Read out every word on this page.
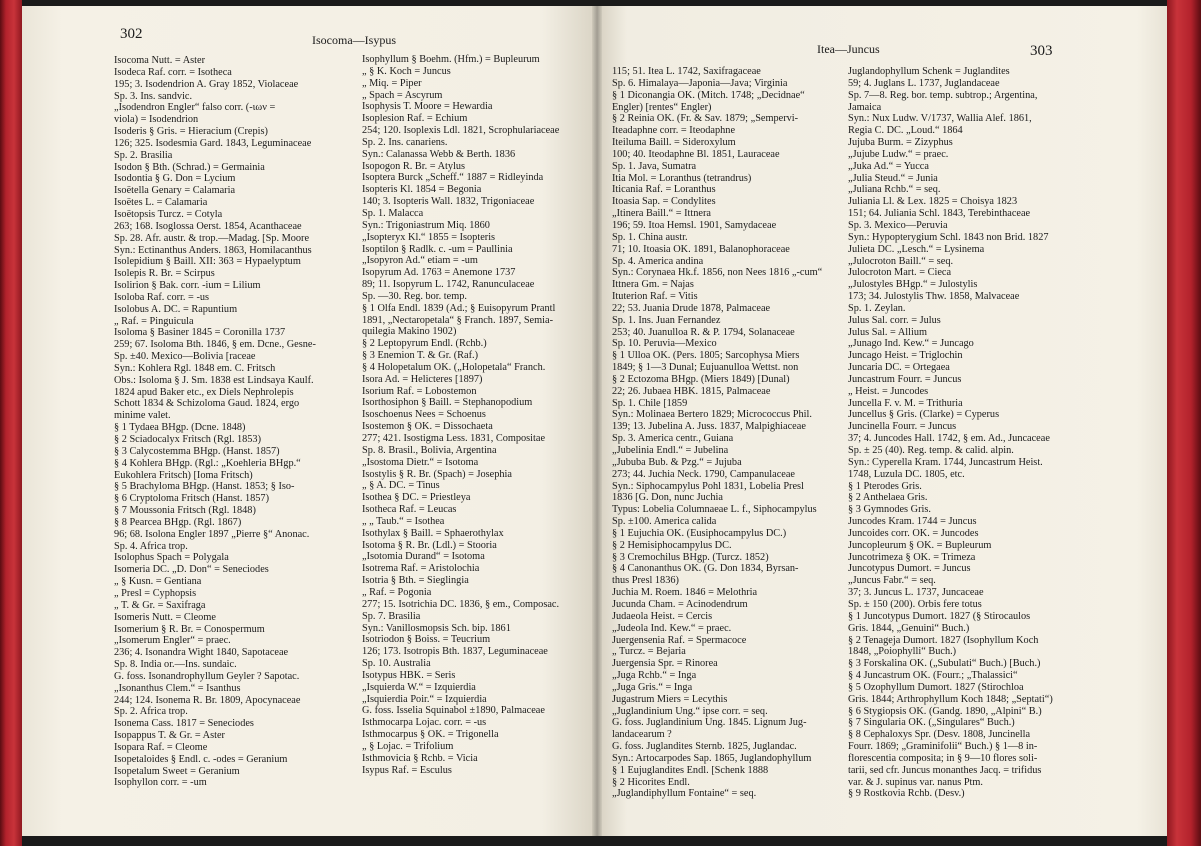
302	Isocoma—Isypus
Itea—Juncus	303
Isocoma Nutt. = Aster
Isodeca Raf. corr. = Isotheca
195; 3. Isodendrion A. Gray 1852, Violaceae
Sp. 3. Ins. sandvic.
„Isodendron Engler“ falso corr. (-ιων =
viola) = Isodendrion
Isoderis § Gris. = Hieracium (Crepis)
126; 325. Isodesmia Gard. 1843, Leguminaceae
Sp. 2. Brasilia
Isodon § Bth. (Schrad.) = Germainia
Isodontia § G. Don = Lycium
Isoëtella Genary = Calamaria
Isoëtes L. = Calamaria
Isoëtopsis Turcz. = Cotyla
263; 168. Isoglossa Oerst. 1854, Acanthaceae
Sp. 28. Afr. austr. & trop.—Madag. [Sp. Moore
Syn.: Ectinanthus Anders. 1863, Homilacanthus
Isolepidium § Baill. XII: 363 = Hypaelyptum
Isolepis R. Br. = Scirpus
Isolirion § Bak. corr. -ium = Lilium
Isoloba Raf. corr. = -us
Isolobus A. DC. = Rapuntium
„ Raf. = Pinguicula
Isoloma § Basiner 1845 = Coronilla 1737
259; 67. Isoloma Bth. 1846, § em. Dcne., Gesne-
Sp. ±40. Mexico—Bolivia [raceae
Syn.: Kohlera Rgl. 1848 em. C. Fritsch
Obs.: Isoloma § J. Sm. 1838 est Lindsaya Kaulf.
1824 apud Baker etc., ex Diels Nephrolepis
Schott 1834 & Schizoloma Gaud. 1824, ergo
minime valet.
§ 1 Tydaea BHgp. (Dcne. 1848)
§ 2 Sciadocalyx Fritsch (Rgl. 1853)
§ 3 Calycostemma BHgp. (Hanst. 1857)
§ 4 Kohlera BHgp. (Rgl.: „Koehleria BHgp.“
Eukohlera Fritsch) [Ioma Fritsch)
§ 5 Brachyloma BHgp. (Hanst. 1853; § Iso-
§ 6 Cryptoloma Fritsch (Hanst. 1857)
§ 7 Moussonia Fritsch (Rgl. 1848)
§ 8 Pearcea BHgp. (Rgl. 1867)
96; 68. Isolona Engler 1897 „Pierre §“ Anonac.
Sp. 4. Africa trop.
Isolophus Spach = Polygala
Isomeria DC. „D. Don“ = Seneciodes
„ § Kusn. = Gentiana
„ Presl = Cyphopsis
„ T. & Gr. = Saxifraga
Isomeris Nutt. = Cleome
Isomerium § R. Br. = Conospermum
„Isomerum Engler“ = praec.
236; 4. Isonandra Wight 1840, Sapotaceae
Sp. 8. India or.—Ins. sundaic.
G. foss. Isonandrophyllum Geyler ? Sapotac.
„Isonanthus Clem.“ = Isanthus
244; 124. Isonema R. Br. 1809, Apocynaceae
Sp. 2. Africa trop.
Isonema Cass. 1817 = Seneciodes
Isopappus T. & Gr. = Aster
Isopara Raf. = Cleome
Isopetaloides § Endl. c. -odes = Geranium
Isopetalum Sweet = Geranium
Isophyllon corr. = -um
Isophyllum § Boehm. (Hfm.) = Bupleurum
„ § K. Koch = Juncus
„ Miq. = Piper
„ Spach = Ascyrum
Isophysis T. Moore = Hewardia
Isoplesion Raf. = Echium
254; 120. Isoplexis Ldl. 1821, Scrophulariaceae
Sp. 2. Ins. canariens.
Syn.: Calanassa Webb & Berth. 1836
Isopogon R. Br. = Atylus
Isoptera Burck „Scheff.“ 1887 = Ridleyinda
Isopteris Kl. 1854 = Begonia
140; 3. Isopteris Wall. 1832, Trigoniaceae
Sp. 1. Malacca
Syn.: Trigoniastrum Miq. 1860
„Isopteryx Kl.“ 1855 = Isopteris
Isoptilon § Radlk. c. -um = Paullinia
„Isopyron Ad.“ etiam = -um
Isopyrum Ad. 1763 = Anemone 1737
89; 11. Isopyrum L. 1742, Ranunculaceae
Sp. —30. Reg. bor. temp.
§ 1 Olfa Endl. 1839 (Ad.; § Euisopyrum Prantl
1891, „Nectaropetala“ § Franch. 1897, Semia-
quilegia Makino 1902)
§ 2 Leptopyrum Endl. (Rchb.)
§ 3 Enemion T. & Gr. (Raf.)
§ 4 Holopetalum OK. („Holopetala“ Franch.
Isora Ad. = Helicteres [1897)
Isorium Raf. = Lobostemon
Isorthosiphon § Baill. = Stephanopodium
Isoschoenus Nees = Schoenus
Isostemon § OK. = Dissochaeta
277; 421. Isostigma Less. 1831, Compositae
Sp. 8. Brasil., Bolivia, Argentina
„Isostoma Dietr.“ = Isotoma
Isostylis § R. Br. (Spach) = Josephia
„ § A. DC. = Tinus
Isothea § DC. = Priestleya
Isotheca Raf. = Leucas
„ „ Taub.“ = Isothea
Isothylax § Baill. = Sphaerothylax
Isotoma § R. Br. (Ldl.) = Stooria
„Isotomia Durand“ = Isotoma
Isotrema Raf. = Aristolochia
Isotria § Bth. = Sieglingia
„ Raf. = Pogonia
277; 15. Isotrichia DC. 1836, § em., Composac.
Sp. 7. Brasilia
Syn.: Vanillosmopsis Sch. bip. 1861
Isotriodon § Boiss. = Teucrium
126; 173. Isotropis Bth. 1837, Leguminaceae
Sp. 10. Australia
Isotypus HBK. = Seris
„Isquierda W.“ = Izquierdia
„Isquierdia Poir.“ = Izquierdia
G. foss. Isselia Squinabol ±1890, Palmaceae
Isthmocarpa Lojac. corr. = -us
Isthmocarpus § OK. = Trigonella
„ § Lojac. = Trifolium
Isthmovicia § Rchb. = Vicia
Isypus Raf. = Esculus
115; 51. Itea L. 1742, Saxifragaceae
Sp. 6. Himalaya—Japonia—Java; Virginia
§ 1 Diconangia OK. (Mitch. 1748; „Decidnae“
Engler) [rentes“ Engler)
§ 2 Reinia OK. (Fr. & Sav. 1879; „Sempervi-
Iteadaphne corr. = Iteodaphne
Iteiluma Baill. = Sideroxylum
100; 40. Iteodaphne Bl. 1851, Lauraceae
Sp. 1. Java, Sumatra
Itia Mol. = Loranthus (tetrandrus)
Iticania Raf. = Loranthus
Itoasia Sap. = Condylites
„Itinera Baill.“ = Ittnera
196; 59. Itoa Hemsl. 1901, Samydaceae
Sp. 1. China austr.
71; 10. Itoasia OK. 1891, Balanophoraceae
Sp. 4. America andina
Syn.: Corynaea Hk.f. 1856, non Nees 1816 „-cum“
Ittnera Gm. = Najas
Ituterion Raf. = Vitis
22; 53. Juania Drude 1878, Palmaceae
Sp. 1. Ins. Juan Fernandez
253; 40. Juanulloa R. & P. 1794, Solanaceae
Sp. 10. Peruvia—Mexico
§ 1 Ulloa OK. (Pers. 1805; Sarcophysa Miers
1849; § 1—3 Dunal; Eujuanulloa Wettst. non
§ 2 Ectozoma BHgp. (Miers 1849) [Dunal)
22; 26. Jubaea HBK. 1815, Palmaceae
Sp. 1. Chile [1859
Syn.: Molinaea Bertero 1829; Micrococcus Phil.
139; 13. Jubelina A. Juss. 1837, Malpighiaceae
Sp. 3. America centr., Guiana
„Jubelinia Endl.“ = Jubelina
„Jububa Bub. & Pzg.“ = Jujuba
273; 44. Juchia Neck. 1790, Campanulaceae
Syn.: Siphocampylus Pohl 1831, Lobelia Presl
1836 [G. Don, nunc Juchia
Typus: Lobelia Columnaeae L. f., Siphocampylus
Sp. ±100. America calida
§ 1 Eujuchia OK. (Eusiphocampylus DC.)
§ 2 Hemisiphocampylus DC.
§ 3 Cremochilus BHgp. (Turcz. 1852)
§ 4 Canonanthus OK. (G. Don 1834, Byrsan-
thus Presl 1836)
Juchia M. Roem. 1846 = Melothria
Jucunda Cham. = Acinodendrum
Judaeola Heist. = Cercis
„Judeola Ind. Kew.“ = praec.
Juergensenia Raf. = Spermacoce
„ Turcz. = Bejaria
Juergensia Spr. = Rinorea
„Juga Rchb.“ = Inga
„Juga Gris.“ = Inga
Jugastrum Miers = Lecythis
„Juglandinium Ung.“ ipse corr. = seq.
G. foss. Juglandinium Ung. 1845. Lignum Jug-
landacearum ?
G. foss. Juglandites Sternb. 1825, Juglandac.
Syn.: Artocarpodes Sap. 1865, Juglandophyllum
§ 1 Eujuglandites Endl. [Schenk 1888
§ 2 Hicorites Endl.
„Juglandiphyllum Fontaine“ = seq.
Juglandophyllum Schenk = Juglandites
59; 4. Juglans L. 1737, Juglandaceae
Sp. 7—8. Reg. bor. temp. subtrop.; Argentina,
Jamaica
Syn.: Nux Ludw. V/1737, Wallia Alef. 1861,
Regia C. DC. „Loud.“ 1864
Jujuba Burm. = Zizyphus
„Jujube Ludw.“ = praec.
„Juka Ad.“ = Yucca
„Julia Steud.“ = Junia
„Juliana Rchb.“ = seq.
Juliania Ll. & Lex. 1825 = Choisya 1823
151; 64. Juliania Schl. 1843, Terebinthaceae
Sp. 3. Mexico—Peruvia
Syn.: Hypopterygium Schl. 1843 non Brid. 1827
Julieta DC. „Lesch.“ = Lysinema
„Julocroton Baill.“ = seq.
Julocroton Mart. = Cieca
„Julostyles BHgp.“ = Julostylis
173; 34. Julostylis Thw. 1858, Malvaceae
Sp. 1. Zeylan.
Julus Sal. corr. = Julus
Julus Sal. = Allium
„Junago Ind. Kew.“ = Juncago
Juncago Heist. = Triglochin
Juncaria DC. = Ortegaea
Juncastrum Fourr. = Juncus
„ Heist. = Juncodes
Juncella F. v. M. = Trithuria
Juncellus § Gris. (Clarke) = Cyperus
Juncinella Fourr. = Juncus
37; 4. Juncodes Hall. 1742, § em. Ad., Juncaceae
Sp. ± 25 (40). Reg. temp. & calid. alpin.
Syn.: Cyperella Kram. 1744, Juncastrum Heist.
1748, Luzula DC. 1805, etc.
§ 1 Pterodes Gris.
§ 2 Anthelaea Gris.
§ 3 Gymnodes Gris.
Juncodes Kram. 1744 = Juncus
Juncoides corr. OK. = Juncodes
Juncopleurum § OK. = Bupleurum
Juncotrimeza § OK. = Trimeza
Juncotypus Dumort. = Juncus
„Juncus Fabr.“ = seq.
37; 3. Juncus L. 1737, Juncaceae
Sp. ± 150 (200). Orbis fere totus
§ 1 Juncotypus Dumort. 1827 (§ Stirocaulos
Gris. 1844, „Genuini“ Buch.)
§ 2 Tenageja Dumort. 1827 (Isophyllum Koch
1848, „Poiophylli“ Buch.)
§ 3 Forskalina OK. („Subulati“ Buch.) [Buch.)
§ 4 Juncastrum OK. (Fourr.; „Thalassici“
§ 5 Ozophyllum Dumort. 1827 (Stirochloa
Gris. 1844; Arthrophyllum Koch 1848; „Septati“)
§ 6 Stygiopsis OK. (Gandg. 1890, „Alpini“ B.)
§ 7 Singularia OK. („Singulares“ Buch.)
§ 8 Cephaloxys Spr. (Desv. 1808, Juncinella
Fourr. 1869; „Graminifolii“ Buch.) § 1—8 in-
florescentia composita; in § 9—10 flores soli-
tarii, sed cfr. Juncus monanthes Jacq. = trifidus
var. & J. supinus var. nanus Ptm.
§ 9 Rostkovia Rchb. (Desv.)
